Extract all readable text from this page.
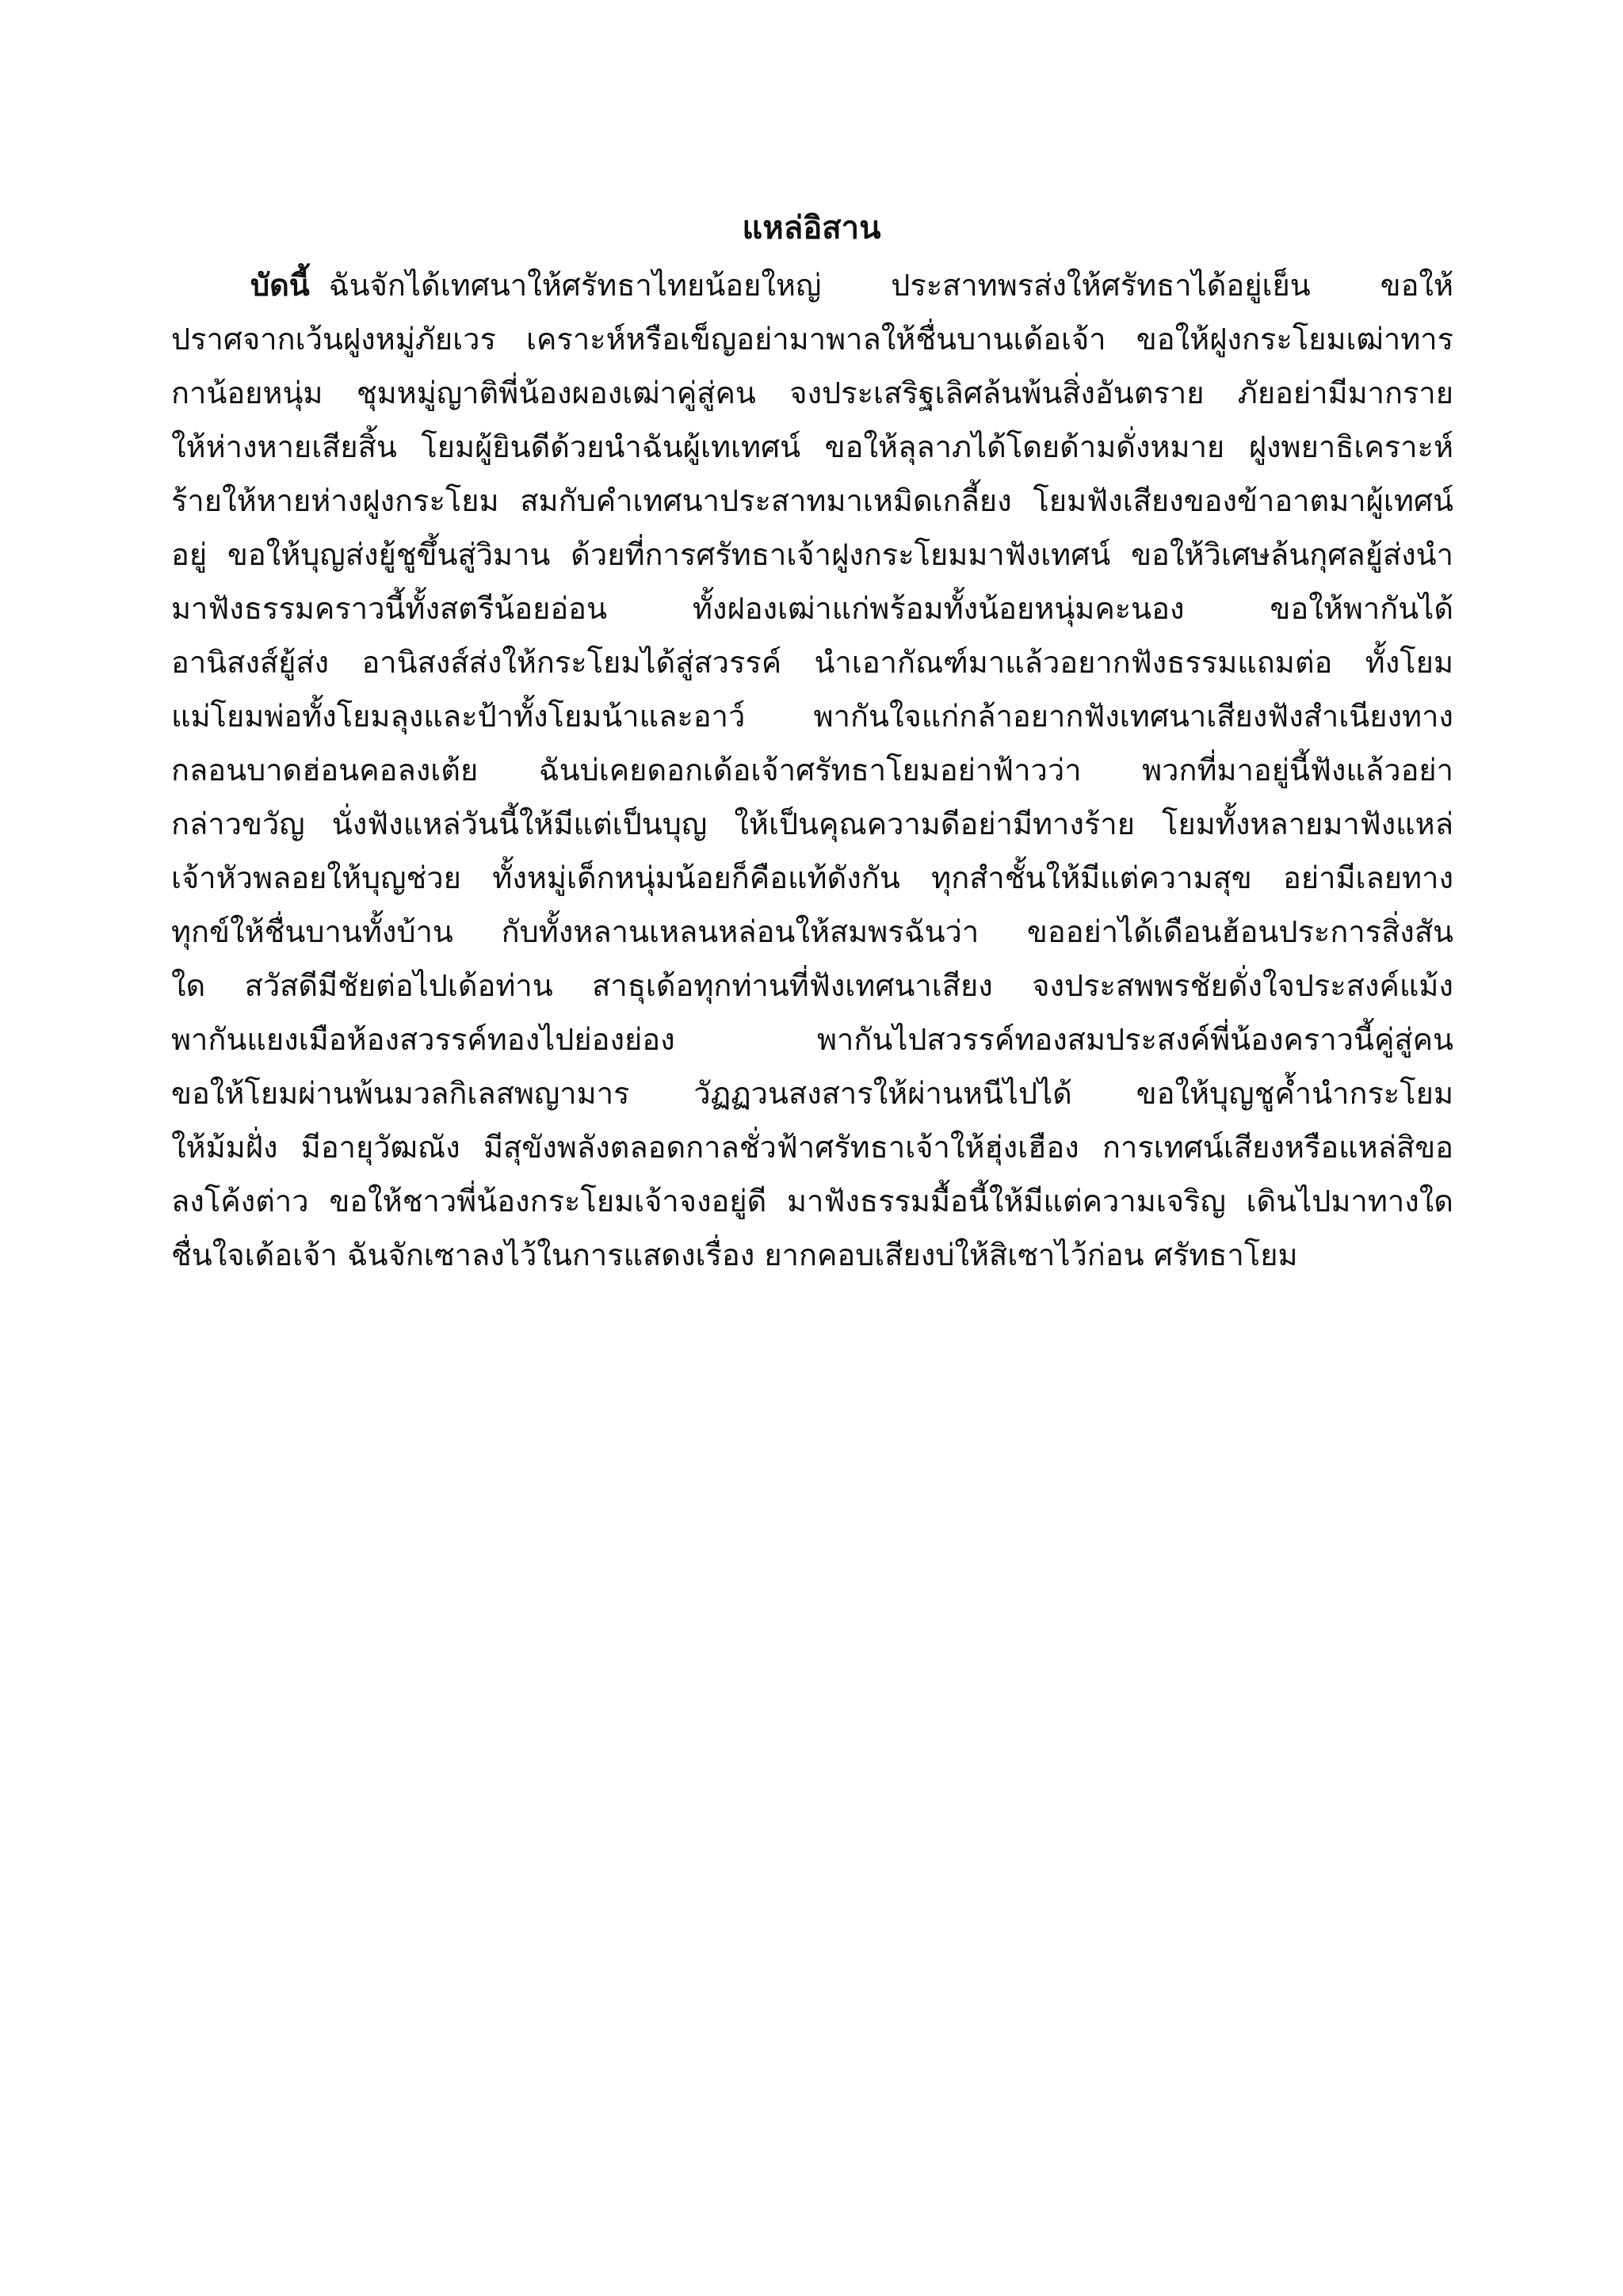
แหล่อิสาน

บัดนี้ ฉันจักได้เทศนาให้ศรัทธาไทยน้อยใหญ่ ประสาทพรส่งให้ศรัทธาได้อยู่เย็น ขอให้

ปราศจากเว้นฝูงหมู่ภัยเวร เคราะห์หรือเข็ญอย่ามาพาลให้ชื่นบานเด้อเจ้า ขอให้ฝูงกระโยมเฒ่าทาร

กาน้อยหนุ่ม ชุมหมู่ญาติพี่น้องผองเฒ่าคู่สู่คน จงประเสริฐเลิศล้นพ้นสิ่งอันตราย ภัยอย่ามีมากราย

ให้ห่างหายเสียสิ้น โยมผู้ยินดีด้วยนำฉันผู้เทเทศน์ ขอให้ลุลาภได้โดยด้ามดั่งหมาย ฝูงพยาธิเคราะห์

ร้ายให้หายห่างฝูงกระโยม สมกับคำเทศนาประสาทมาเหมิดเกลี้ยง โยมฟังเสียงของข้าอาตมาผู้เทศน์

อยู่ ขอให้บุญส่งยู้ชูขึ้นสู่วิมาน ด้วยที่การศรัทธาเจ้าฝูงกระโยมมาฟังเทศน์ ขอให้วิเศษล้นกุศลยู้ส่งนำ

มาฟังธรรมคราวนี้ทั้งสตรีน้อยอ่อน ทั้งฝองเฒ่าแก่พร้อมทั้งน้อยหนุ่มคะนอง ขอให้พากันได้

อานิสงส์ยู้ส่ง อานิสงส์ส่งให้กระโยมได้สู่สวรรค์ นำเอากัณฑ์มาแล้วอยากฟังธรรมแถมต่อ ทั้งโยม

แม่โยมพ่อทั้งโยมลุงและป้าทั้งโยมน้าและอาว์ พากันใจแก่กล้าอยากฟังเทศนาเสียงฟังสำเนียงทาง

กลอนบาดฮ่อนคอลงเต้ย ฉันบ่เคยดอกเด้อเจ้าศรัทธาโยมอย่าฟ้าวว่า พวกที่มาอยู่นี้ฟังแล้วอย่า

กล่าวขวัญ นั่งฟังแหล่วันนี้ให้มีแต่เป็นบุญ ให้เป็นคุณความดีอย่ามีทางร้าย โยมทั้งหลายมาฟังแหล่

เจ้าหัวพลอยให้บุญช่วย ทั้งหมู่เด็กหนุ่มน้อยก็คือแท้ดังกัน ทุกสำชั้นให้มีแต่ความสุข อย่ามีเลยทาง

ทุกข์ให้ชื่นบานทั้งบ้าน กับทั้งหลานเหลนหล่อนให้สมพรฉันว่า ขออย่าได้เดือนฮ้อนประการสิ่งสัน

ใด สวัสดีมีชัยต่อไปเด้อท่าน สาธุเด้อทุกท่านที่ฟังเทศนาเสียง จงประสพพรชัยดั่งใจประสงค์แม้ง

พากันแยงเมือห้องสวรรค์ทองไปย่องย่อง พากันไปสวรรค์ทองสมประสงค์พี่น้องคราวนี้คู่สู่คน

ขอให้โยมผ่านพ้นมวลกิเลสพญามาร วัฏฏวนสงสารให้ผ่านหนีไปได้ ขอให้บุญชูค้ำนำกระโยม

ให้ม้มฝั่ง มีอายุวัฒณัง มีสุขังพลังตลอดกาลชั่วฟ้าศรัทธาเจ้าให้ฮุ่งเฮือง การเทศน์เสียงหรือแหล่สิขอ

ลงโค้งต่าว ขอให้ชาวพี่น้องกระโยมเจ้าจงอยู่ดี มาฟังธรรมมื้อนี้ให้มีแต่ความเจริญ เดินไปมาทางใด

ชื่นใจเด้อเจ้า ฉันจักเซาลงไว้ในการแสดงเรื่อง ยากคอบเสียงบ่ให้สิเซาไว้ก่อน ศรัทธาโยม
